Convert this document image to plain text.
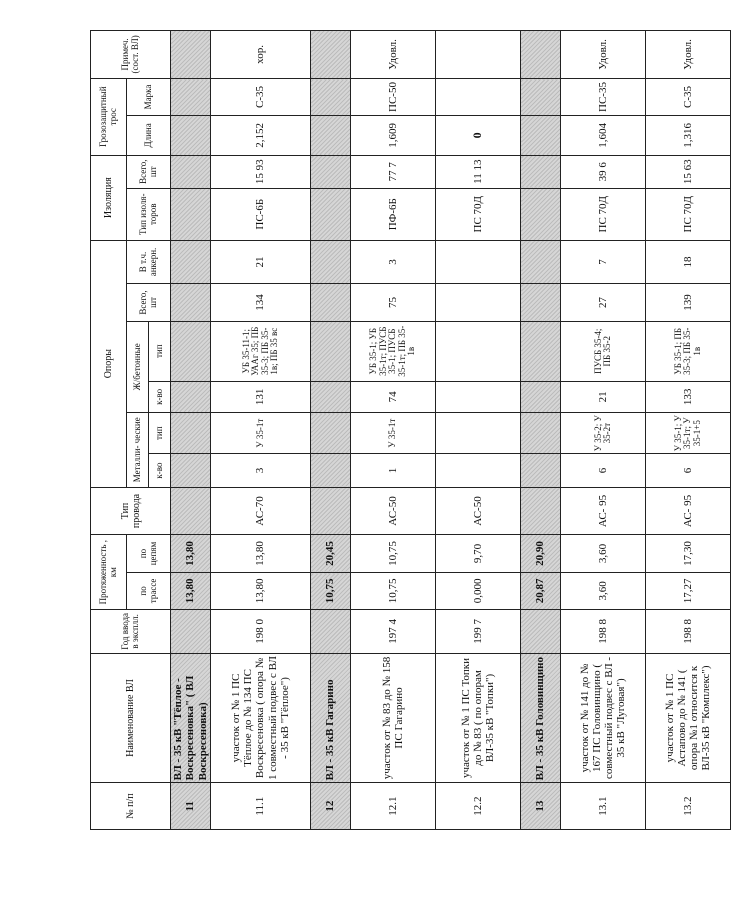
№ п/п	Наименование ВЛ	Год ввода в эксплл.	Протяженность , км		Тип провода	Опоры						Изоляция		Грозозащитный трос		Примеч. (сост. ВЛ)
			по трассе	по цепям		Металли- ческие		Ж/бетонные		Всего, шт	В т.ч. анкерн.	Тип изоля- торов	Всего, шт	Длина	Марка	
						к-во	тип	к-во	тип							
11	ВЛ - 35 кВ "Тёплое - Воскресеновка" ( ВЛ Воскресеновка)		13,80	13,80												
11.1	участок от № 1 ПС Тёплое до № 134 ПС Воскресеновка ( опора № 1 совместный подвес с ВЛ - 35 кВ "Тёплое")	198 0	13,80	13,80	АС-70	3	У 35-1т	131	УБ 35-11-1; УААг 35; ПБ 35-3; ПБ 35-1в; ПБ 35 вс	134	21	ПС-6Б	15 93	2,152	С-35	хор.
12	ВЛ - 35 кВ Гагарино		10,75	20,45												
12.1	участок от № 83 до № 158 ПС Гагарино	197 4	10,75	10,75	АС-50	1	У 35-1т	74	УБ 35-1; УБ 35-1т; ПУСБ 35-1; ПУСБ 35-1т; ПБ 35-1в	75	3	ПФ-6Б	77 7	1,609	ПС-50	Удовл.
12.2	участок от № 1 ПС Топки до № 83 ( по опорам ВЛ-35 кВ "Топки")	199 7	0,000	9,70	АС-50							ПС 70Д	11 13	0		
13	ВЛ - 35 кВ Головинщино		20,87	20,90												
13.1	участок от № 141 до № 167 ПС Головинщино ( совместный подвес с ВЛ - 35 кВ "Луговая")	198 8	3,60	3,60	АС- 95	6	У 35-2; У 35-2т	21	ПУСБ 35-4; ПБ 35-2	27	7	ПС 70Д	39 6	1,604	ПС-35	Удовл.
13.2	участок от № 1 ПС Астапово до № 141 ( опора №1 относится к ВЛ-35 кВ "Комплекс")	198 8	17,27	17,30	АС- 95	6	У 35-1; У 35-1т; У 35-1+5	133	УБ 35-1; ПБ 35-3; ПБ 35-1в	139	18	ПС 70Д	15 63	1,316	С-35	Удовл.
